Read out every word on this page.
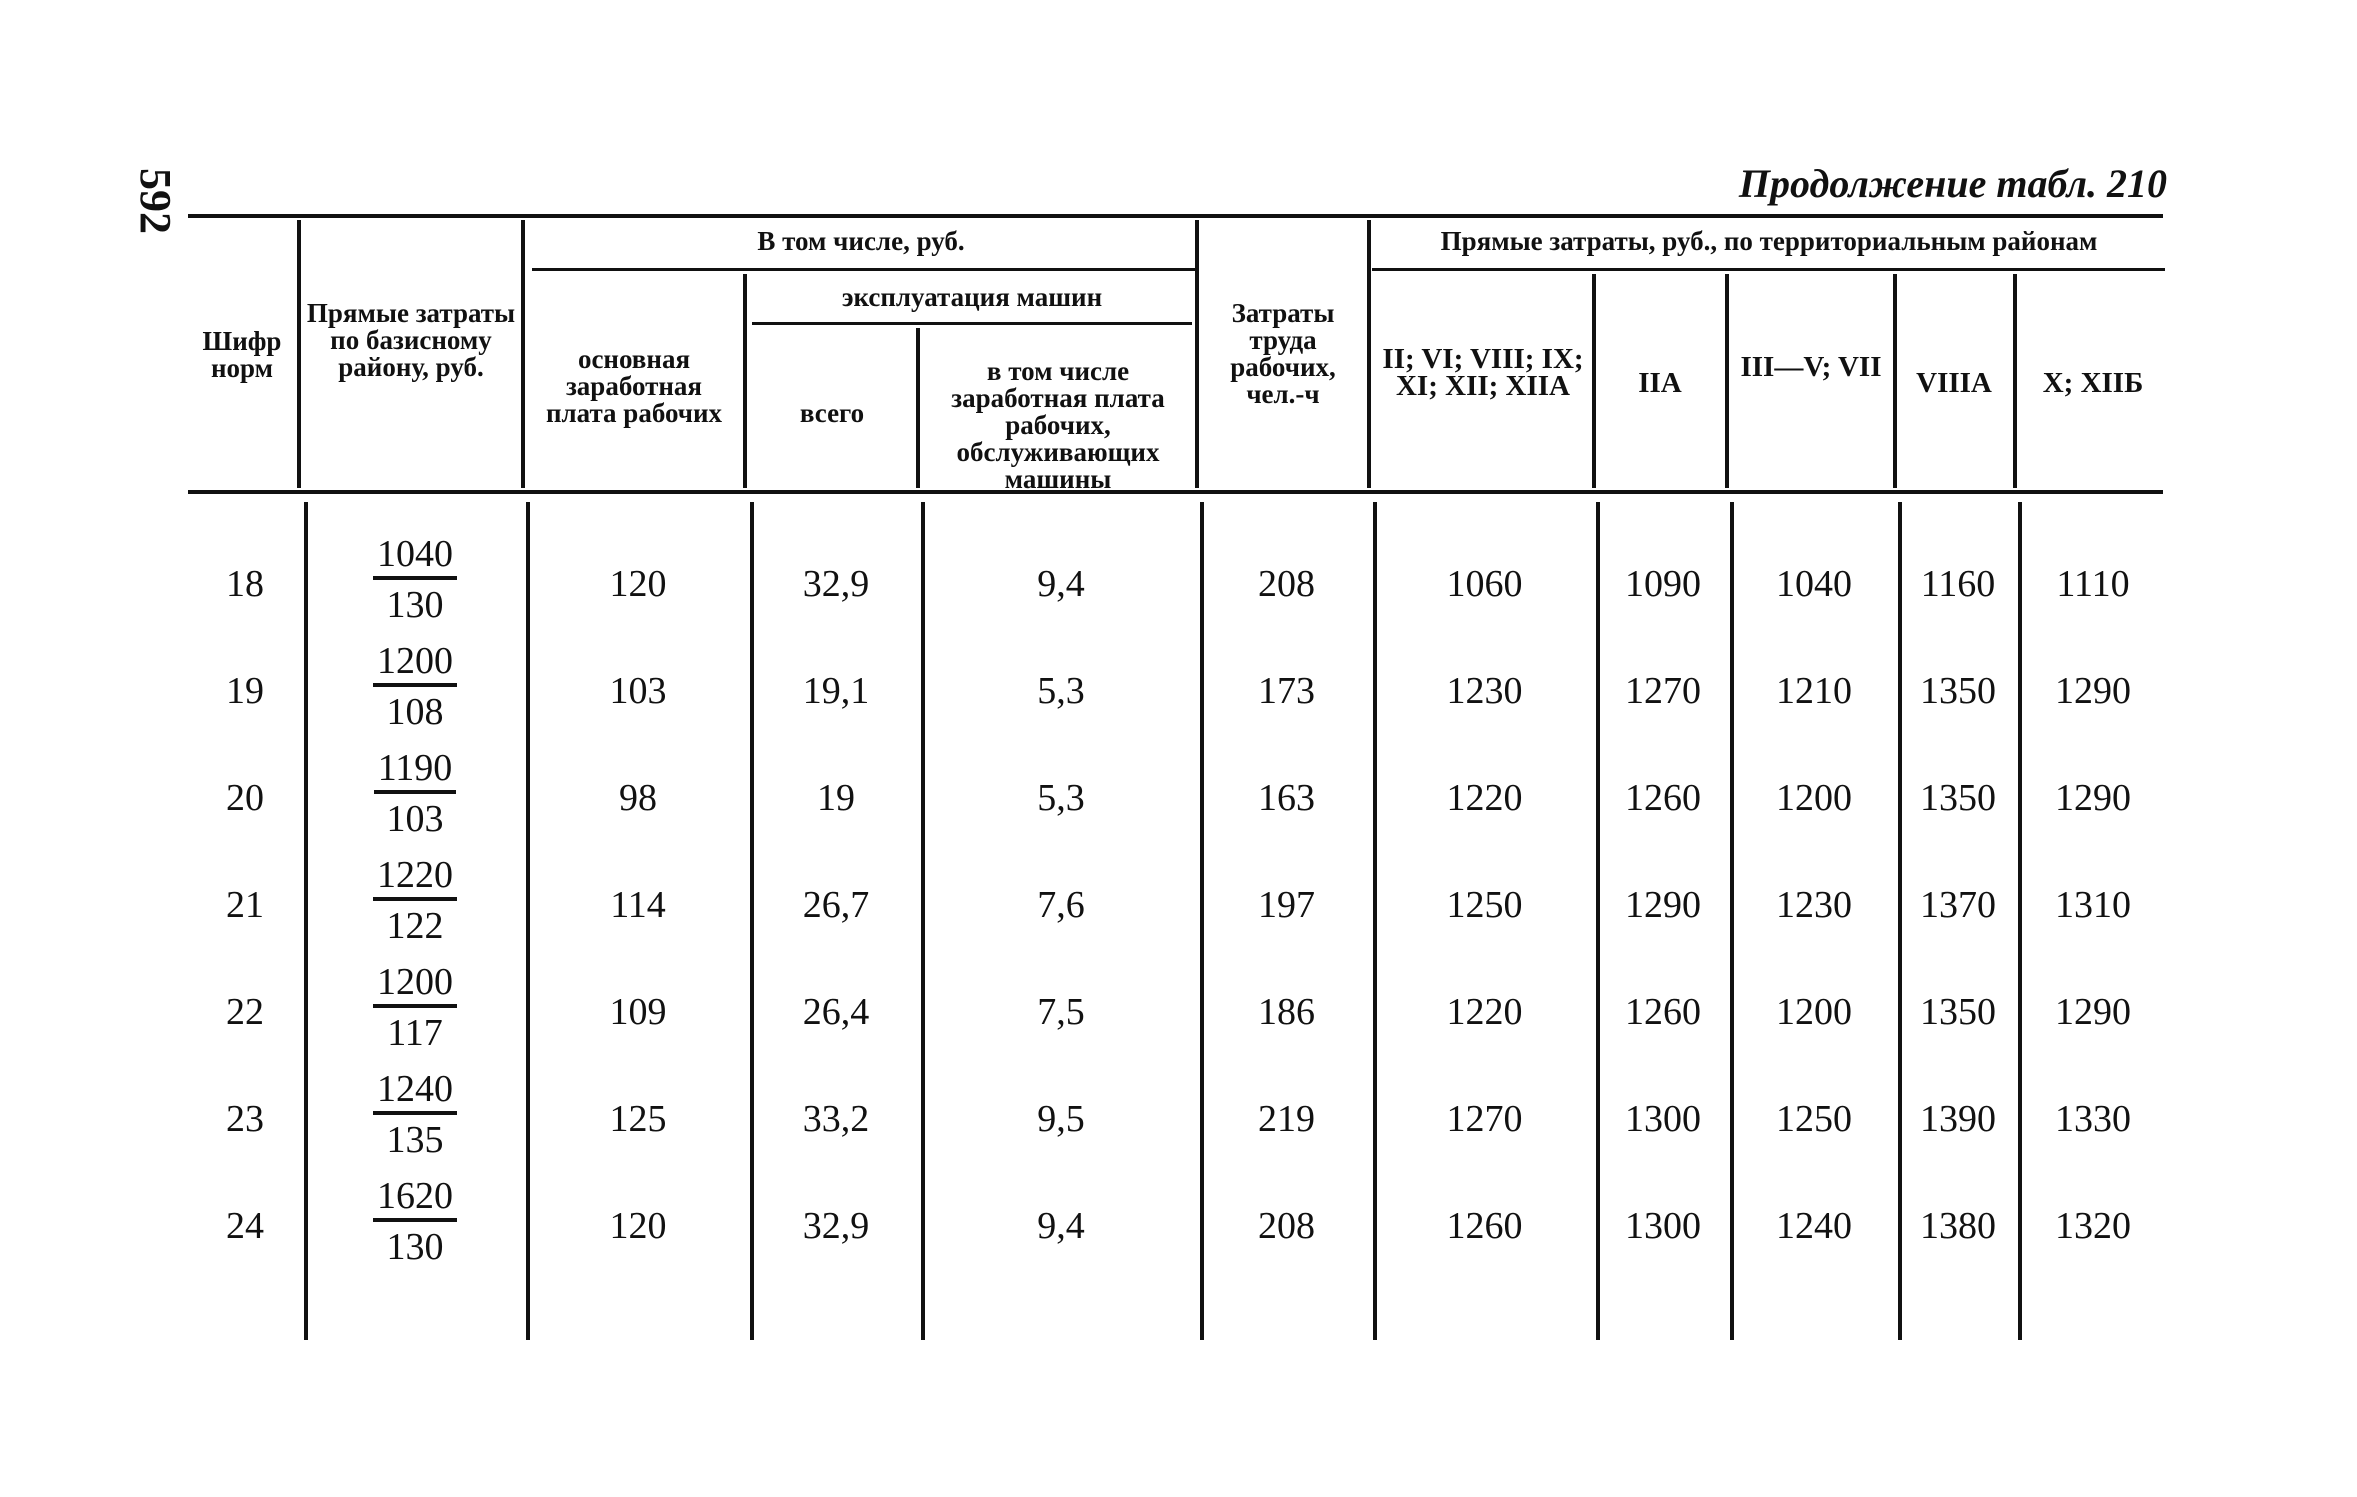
592	Продолжение табл. 210
Шифр норм
Прямые затраты по базисному району, руб.
В том числе, руб.
основная заработная плата рабочих
эксплуатация машин
всего
в том числе заработная плата рабочих, обслуживающих машины
Затраты труда рабочих, чел.-ч
Прямые затраты, руб., по территориальным районам
II; VI; VIII; IX; XI; XII; XIIA	IIA	III—V; VII	VIIIA	X; XIIБ
18	$\frac{1040}{130}$	120	32,9	9,4	208	1060	1090	1040	1160	1110
19	$\frac{1200}{108}$	103	19,1	5,3	173	1230	1270	1210	1350	1290
20	$\frac{1190}{103}$	98	19	5,3	163	1220	1260	1200	1350	1290
21	$\frac{1220}{122}$	114	26,7	7,6	197	1250	1290	1230	1370	1310
22	$\frac{1200}{117}$	109	26,4	7,5	186	1220	1260	1200	1350	1290
23	$\frac{1240}{135}$	125	33,2	9,5	219	1270	1300	1250	1390	1330
24	$\frac{1620}{130}$	120	32,9	9,4	208	1260	1300	1240	1380	1320
